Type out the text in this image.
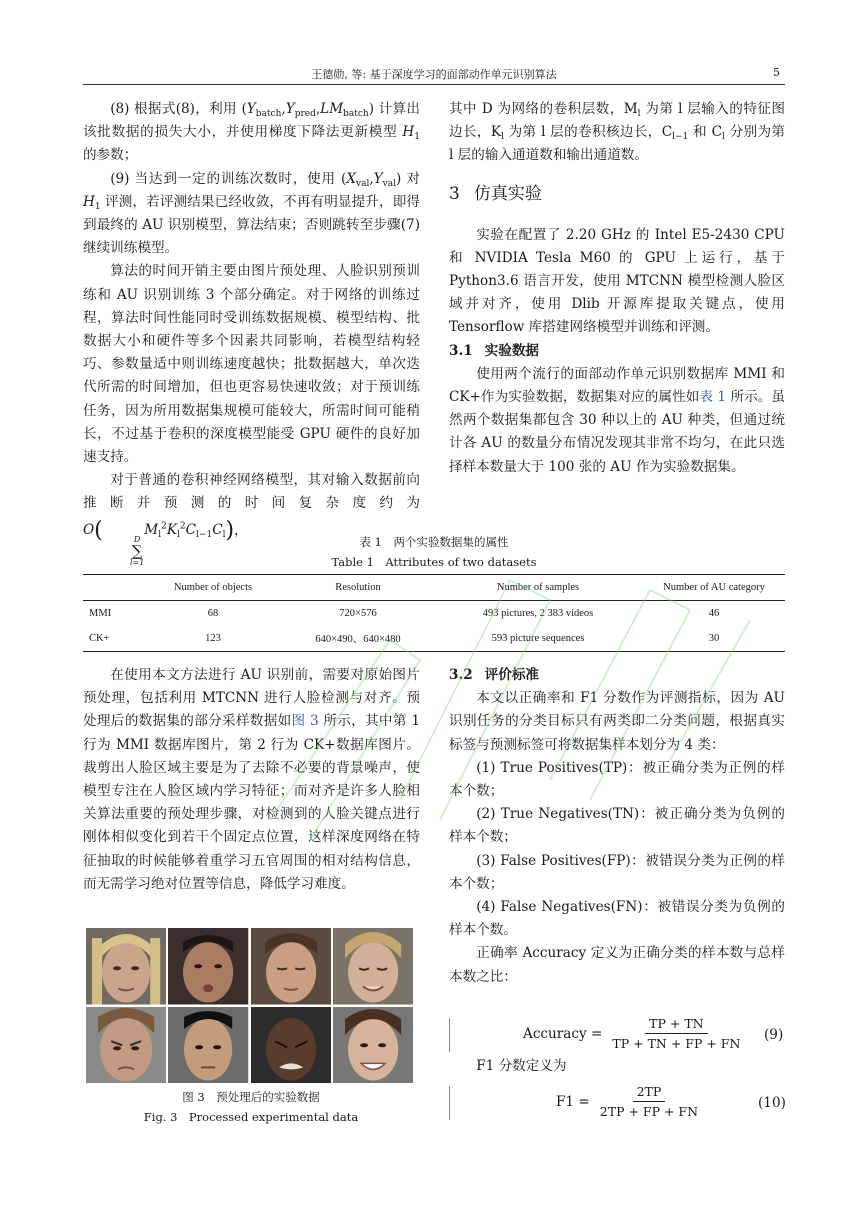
王德勋, 等: 基于深度学习的面部动作单元识别算法	5

(8) 根据式(8)，利用 $(Y_{batch},Y_{pred},LM_{batch})$ 计算出该批数据的损失大小，并使用梯度下降法更新模型 $H_1$ 的参数；

(9) 当达到一定的训练次数时，使用 $(X_{val},Y_{val})$ 对 $H_1$ 评测，若评测结果已经收敛，不再有明显提升，即得到最终的 AU 识别模型，算法结束；否则跳转至步骤(7)继续训练模型。

算法的时间开销主要由图片预处理、人脸识别预训练和 AU 识别训练 3 个部分确定。对于网络的训练过程，算法时间性能同时受训练数据规模、模型结构、批数据大小和硬件等多个因素共同影响，若模型结构轻巧、参数量适中则训练速度越快；批数据越大，单次迭代所需的时间增加，但也更容易快速收敛；对于预训练任务，因为所用数据集规模可能较大，所需时间可能稍长，不过基于卷积的深度模型能受 GPU 硬件的良好加速支持。

对于普通的卷积神经网络模型，其对输入数据前向推断并预测的时间复杂度约为 O(	D
∑
l=1
$M_l^2K_l^2C_{l-1}C_l$)，

其中 D 为网络的卷积层数，$M_l$ 为第 l 层输入的特征图边长，$K_l$ 为第 l 层的卷积核边长，$C_{l-1}$ 和 $C_l$ 分别为第 l 层的输入通道数和输出通道数。

3 仿真实验

实验在配置了 2.20 GHz 的 Intel E5-2430 CPU 和 NVIDIA Tesla M60 的 GPU 上运行，基于 Python3.6 语言开发，使用 MTCNN 模型检测人脸区域并对齐，使用 Dlib 开源库提取关键点，使用 Tensorflow 库搭建网络模型并训练和评测。

3.1 实验数据

使用两个流行的面部动作单元识别数据库 MMI 和 CK+作为实验数据，数据集对应的属性如表 1 所示。虽然两个数据集都包含 30 种以上的 AU 种类，但通过统计各 AU 的数量分布情况发现其非常不均匀，在此只选择样本数量大于 100 张的 AU 作为实验数据集。

表 1　两个实验数据集的属性
Table 1　Attributes of two datasets
	Number of objects	Resolution	Number of samples	Number of AU category
MMI	68	720×576	493 pictures, 2 383 videos	46
CK+	123	640×490、640×480	593 picture sequences	30

在使用本文方法进行 AU 识别前，需要对原始图片预处理，包括利用 MTCNN 进行人脸检测与对齐。预处理后的数据集的部分采样数据如图 3 所示，其中第 1 行为 MMI 数据库图片，第 2 行为 CK+数据库图片。裁剪出人脸区域主要是为了去除不必要的背景噪声，使模型专注在人脸区域内学习特征；而对齐是许多人脸相关算法重要的预处理步骤，对检测到的人脸关键点进行刚体相似变化到若干个固定点位置，这样深度网络在特征抽取的时候能够着重学习五官周围的相对结构信息，而无需学习绝对位置等信息，降低学习难度。

图 3　预处理后的实验数据
Fig. 3　Processed experimental data
3.2 评价标准

本文以正确率和 F1 分数作为评测指标，因为 AU 识别任务的分类目标只有两类即二分类问题，根据真实标签与预测标签可将数据集样本划分为 4 类：

(1) True Positives(TP)：被正确分类为正例的样本个数；

(2) True Negatives(TN)：被正确分类为负例的样本个数；

(3) False Positives(FP)：被错误分类为正例的样本个数；

(4) False Negatives(FN)：被错误分类为负例的样本个数。

正确率 Accuracy 定义为正确分类的样本数与总样本数之比：

Accuracy = $\frac{TP + TN}{TP + TN + FP + FN} (9)$

F1 分数定义为

$F1 = \frac{2TP}{2TP + FP + FN}$	(10)
